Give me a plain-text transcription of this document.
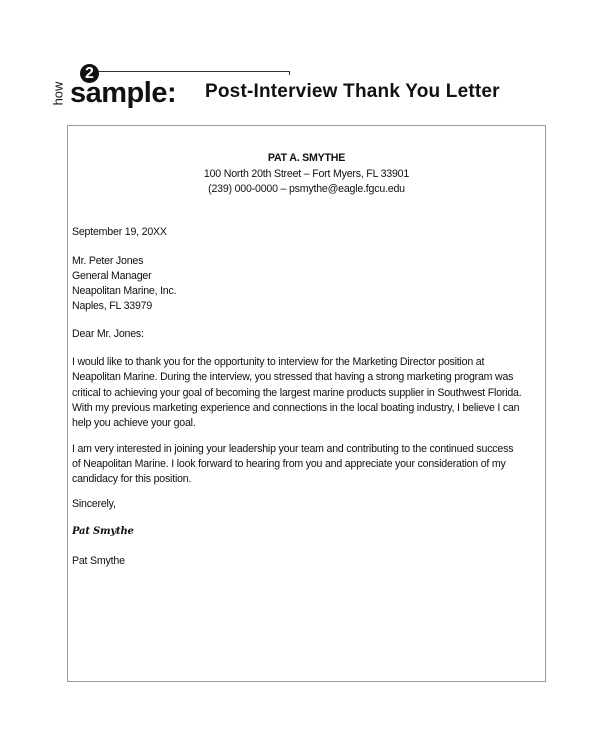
how
2
sample: Post-Interview Thank You Letter
PAT A. SMYTHE
100 North 20th Street – Fort Myers, FL 33901
(239) 000-0000 – psmythe@eagle.fgcu.edu
September 19, 20XX
Mr. Peter Jones
General Manager
Neapolitan Marine, Inc.
Naples, FL 33979
Dear Mr. Jones:
I would like to thank you for the opportunity to interview for the Marketing Director position at
Neapolitan Marine. During the interview, you stressed that having a strong marketing program was
critical to achieving your goal of becoming the largest marine products supplier in Southwest Florida.
With my previous marketing experience and connections in the local boating industry, I believe I can
help you achieve your goal.
I am very interested in joining your leadership your team and contributing to the continued success
of Neapolitan Marine. I look forward to hearing from you and appreciate your consideration of my
candidacy for this position.
Sincerely,
Pat Smythe
Pat Smythe
